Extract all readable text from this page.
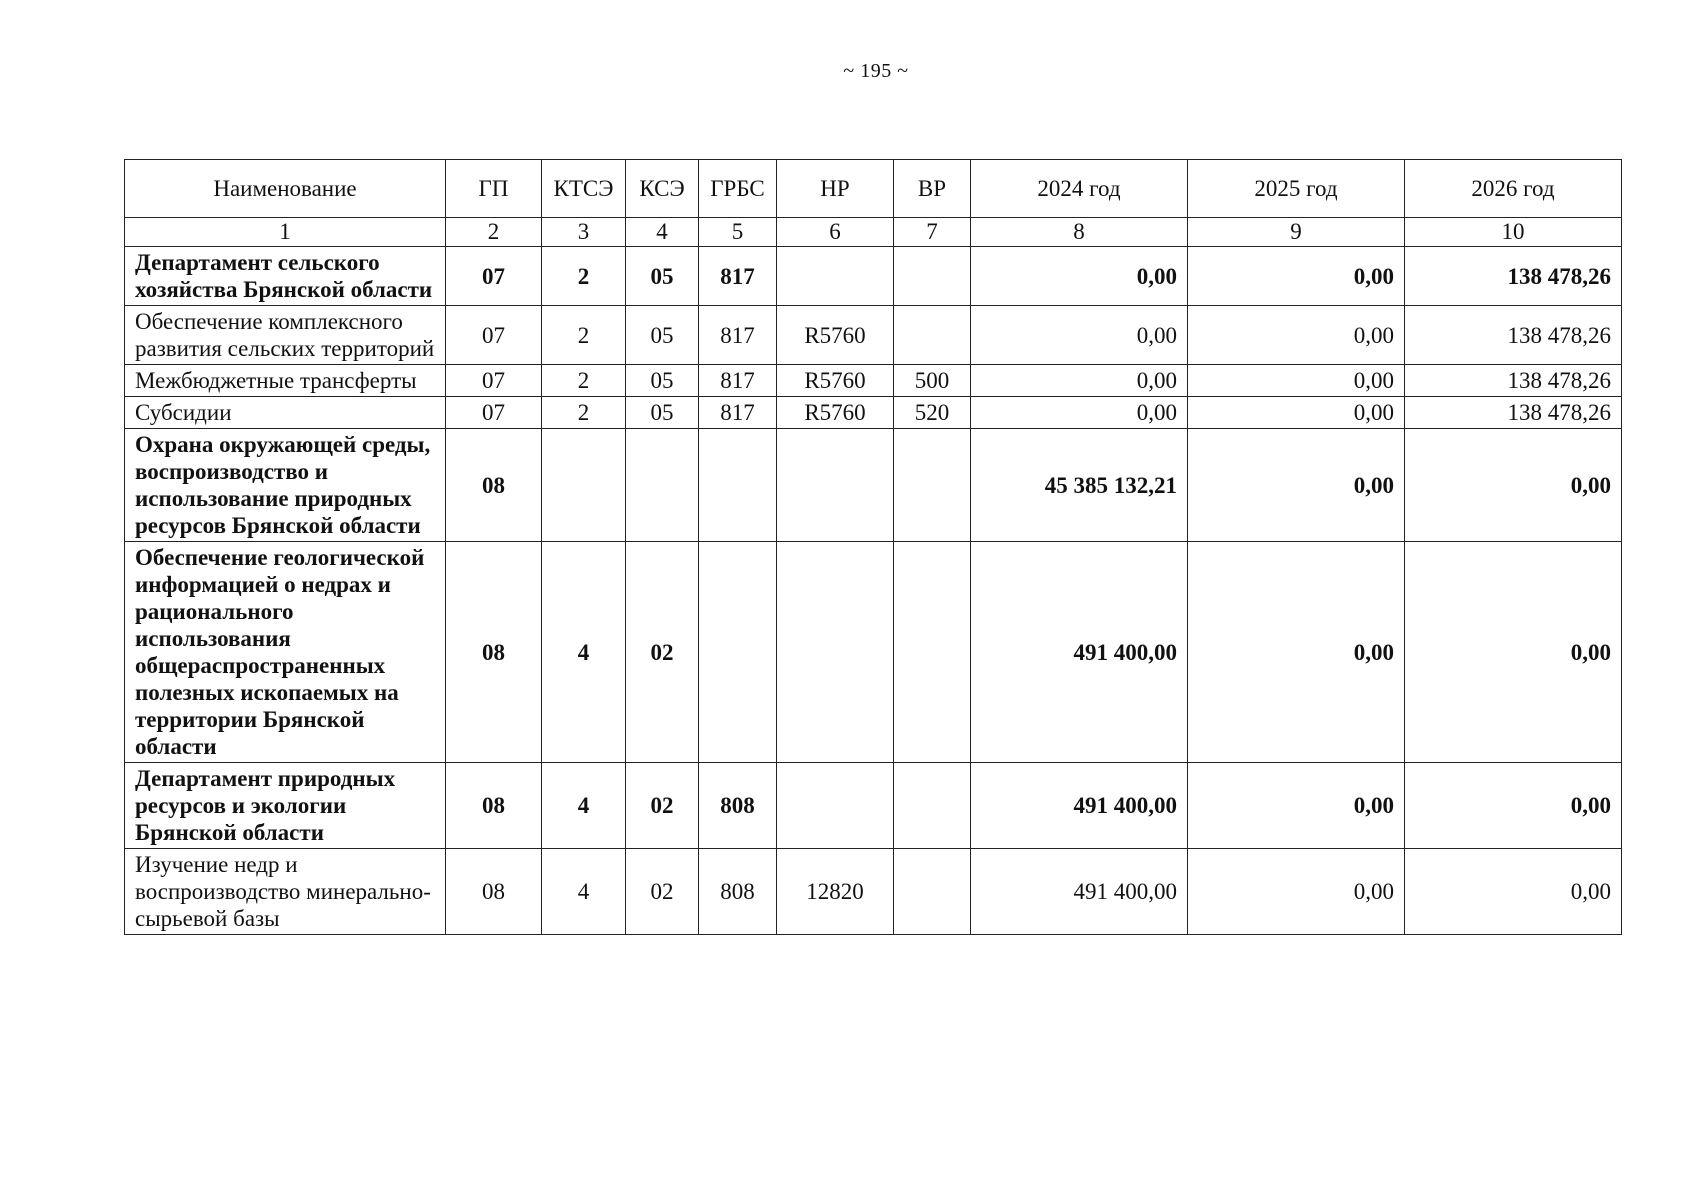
~ 195 ~
Наименование	ГП	КТСЭ	КСЭ	ГРБС	НР	ВР	2024 год	2025 год	2026 год
1	2	3	4	5	6	7	8	9	10
Департамент сельского хозяйства Брянской области	07	2	05	817			0,00	0,00	138 478,26
Обеспечение комплексного развития сельских территорий	07	2	05	817	R5760		0,00	0,00	138 478,26
Межбюджетные трансферты	07	2	05	817	R5760	500	0,00	0,00	138 478,26
Субсидии	07	2	05	817	R5760	520	0,00	0,00	138 478,26
Охрана окружающей среды, воспроизводство и использование природных ресурсов Брянской области	08						45 385 132,21	0,00	0,00
Обеспечение геологической информацией о недрах и рационального использования общераспространенных полезных ископаемых на территории Брянской области	08	4	02				491 400,00	0,00	0,00
Департамент природных ресурсов и экологии Брянской области	08	4	02	808			491 400,00	0,00	0,00
Изучение недр и воспроизводство минерально-сырьевой базы	08	4	02	808	12820		491 400,00	0,00	0,00
